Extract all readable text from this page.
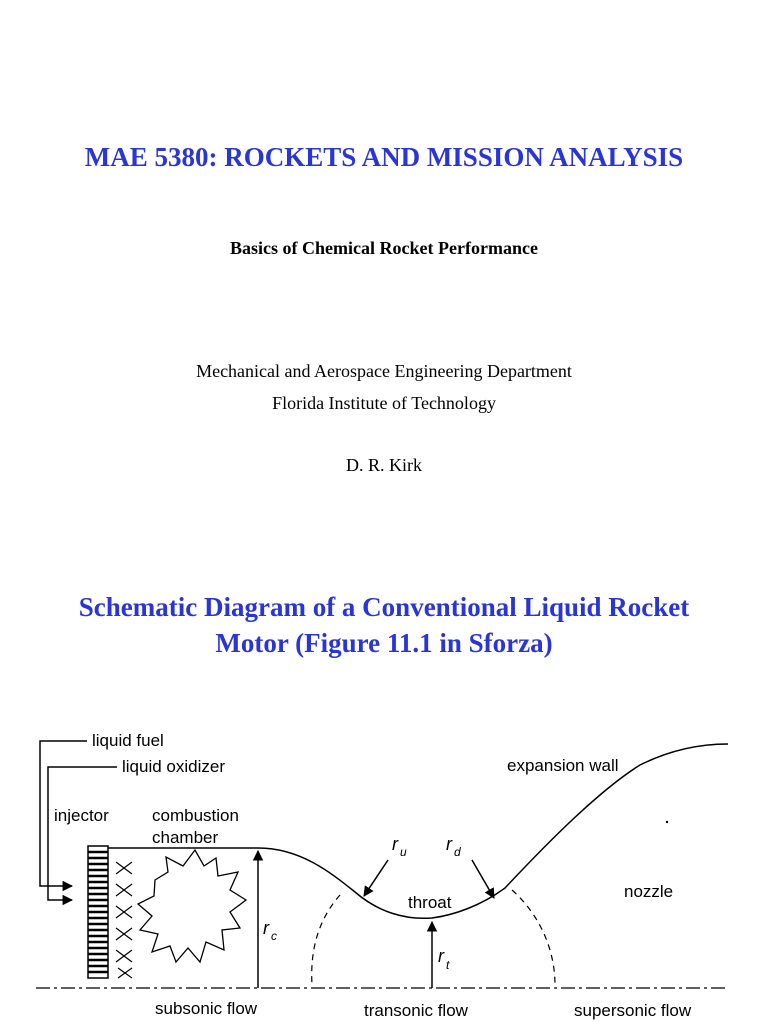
MAE 5380: ROCKETS AND MISSION ANALYSIS
Basics of Chemical Rocket Performance
Mechanical and Aerospace Engineering Department
Florida Institute of Technology
D. R. Kirk
Schematic Diagram of a Conventional Liquid Rocket
Motor (Figure 11.1 in Sforza)
liquid fuel
liquid oxidizer
injector	combustion
chamber
expansion wall
r c
r t
throat
r u r d
nozzle
subsonic flow	transonic flow	supersonic flow
